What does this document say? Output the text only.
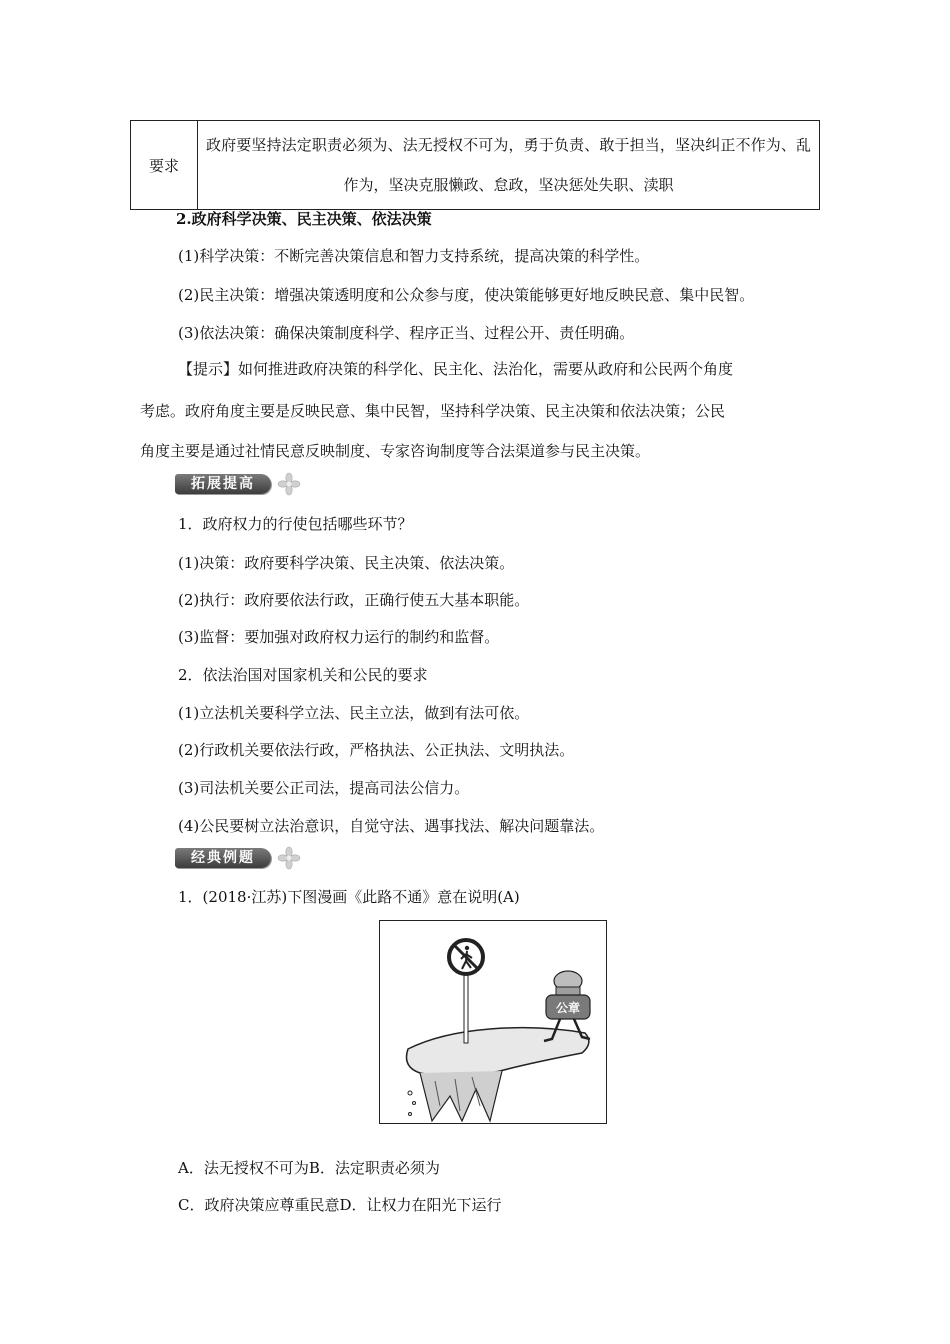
要求	政府要坚持法定职责必须为、法无授权不可为，勇于负责、敢于担当，坚决纠正不作为、乱作为，坚决克服懒政、怠政，坚决惩处失职、渎职
2.政府科学决策、民主决策、依法决策
(1)科学决策：不断完善决策信息和智力支持系统，提高决策的科学性。
(2)民主决策：增强决策透明度和公众参与度，使决策能够更好地反映民意、集中民智。
(3)依法决策：确保决策制度科学、程序正当、过程公开、责任明确。
【提示】如何推进政府决策的科学化、民主化、法治化，需要从政府和公民两个角度
考虑。政府角度主要是反映民意、集中民智，坚持科学决策、民主决策和依法决策；公民
角度主要是通过社情民意反映制度、专家咨询制度等合法渠道参与民主决策。
拓展提高
1．政府权力的行使包括哪些环节？
(1)决策：政府要科学决策、民主决策、依法决策。
(2)执行：政府要依法行政，正确行使五大基本职能。
(3)监督：要加强对政府权力运行的制约和监督。
2．依法治国对国家机关和公民的要求
(1)立法机关要科学立法、民主立法，做到有法可依。
(2)行政机关要依法行政，严格执法、公正执法、文明执法。
(3)司法机关要公正司法，提高司法公信力。
(4)公民要树立法治意识，自觉守法、遇事找法、解决问题靠法。
经典例题
1．(2018·江苏)下图漫画《此路不通》意在说明(A)
公章
A．法无授权不可为B．法定职责必须为
C．政府决策应尊重民意D．让权力在阳光下运行
